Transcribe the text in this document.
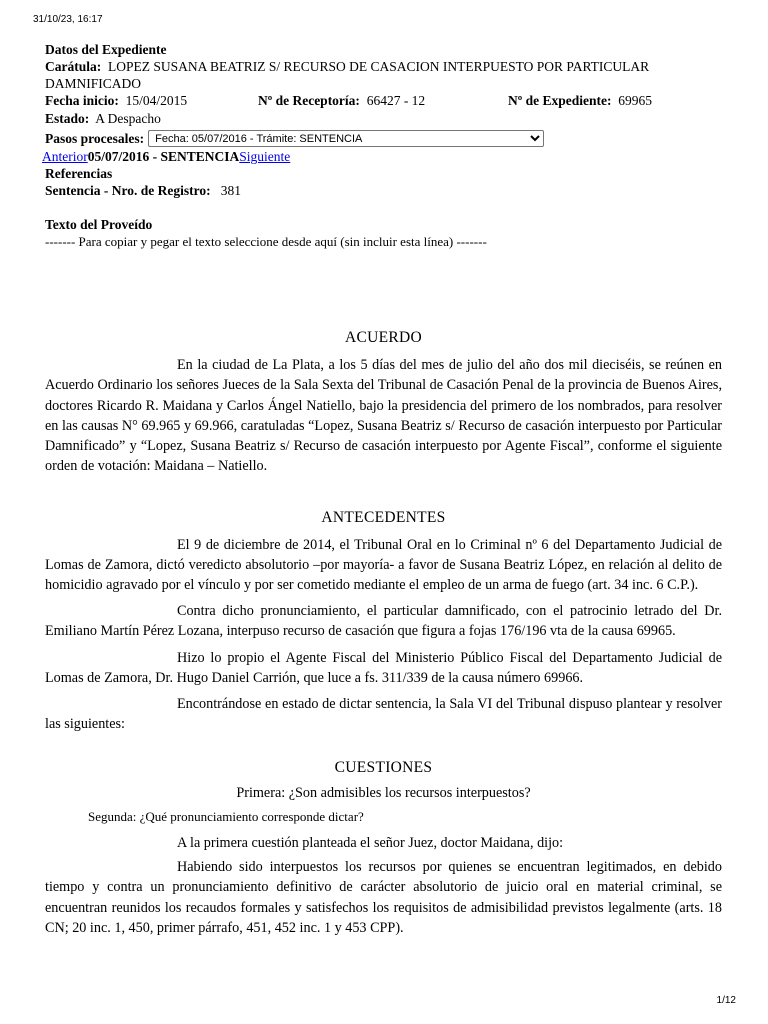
31/10/23, 16:17
Datos del Expediente
Carátula: LOPEZ SUSANA BEATRIZ S/ RECURSO DE CASACION INTERPUESTO POR PARTICULAR DAMNIFICADO
Fecha inicio: 15/04/2015	Nº de Receptoría: 66427 - 12	Nº de Expediente: 69965
Estado: A Despacho
Pasos procesales:
Fecha: 05/07/2016 - Trámite: SENTENCIA
Anterior05/07/2016 - SENTENCIASiguiente
Referencias
Sentencia - Nro. de Registro: 381
Texto del Proveído
------- Para copiar y pegar el texto seleccione desde aquí (sin incluir esta línea) -------

ACUERDO

En la ciudad de La Plata, a los 5 días del mes de julio del año dos mil dieciséis, se reúnen en Acuerdo Ordinario los señores Jueces de la Sala Sexta del Tribunal de Casación Penal de la provincia de Buenos Aires, doctores Ricardo R. Maidana y Carlos Ángel Natiello, bajo la presidencia del primero de los nombrados, para resolver en las causas N° 69.965 y 69.966, caratuladas “Lopez, Susana Beatriz s/ Recurso de casación interpuesto por Particular Damnificado” y “Lopez, Susana Beatriz s/ Recurso de casación interpuesto por Agente Fiscal”, conforme el siguiente orden de votación: Maidana – Natiello.

ANTECEDENTES

El 9 de diciembre de 2014, el Tribunal Oral en lo Criminal nº 6 del Departamento Judicial de Lomas de Zamora, dictó veredicto absolutorio –por mayoría- a favor de Susana Beatriz López, en relación al delito de homicidio agravado por el vínculo y por ser cometido mediante el empleo de un arma de fuego (art. 34 inc. 6 C.P.).

Contra dicho pronunciamiento, el particular damnificado, con el patrocinio letrado del Dr. Emiliano Martín Pérez Lozana, interpuso recurso de casación que figura a fojas 176/196 vta de la causa 69965.

Hizo lo propio el Agente Fiscal del Ministerio Público Fiscal del Departamento Judicial de Lomas de Zamora, Dr. Hugo Daniel Carrión, que luce a fs. 311/339 de la causa número 69966.

Encontrándose en estado de dictar sentencia, la Sala VI del Tribunal dispuso plantear y resolver las siguientes:

CUESTIONES

Primera: ¿Son admisibles los recursos interpuestos?

Segunda: ¿Qué pronunciamiento corresponde dictar?

A la primera cuestión planteada el señor Juez, doctor Maidana, dijo:

Habiendo sido interpuestos los recursos por quienes se encuentran legitimados, en debido tiempo y contra un pronunciamiento definitivo de carácter absolutorio de juicio oral en material criminal, se encuentran reunidos los recaudos formales y satisfechos los requisitos de admisibilidad previstos legalmente (arts. 18 CN; 20 inc. 1, 450, primer párrafo, 451, 452 inc. 1 y 453 CPP).

1/12
